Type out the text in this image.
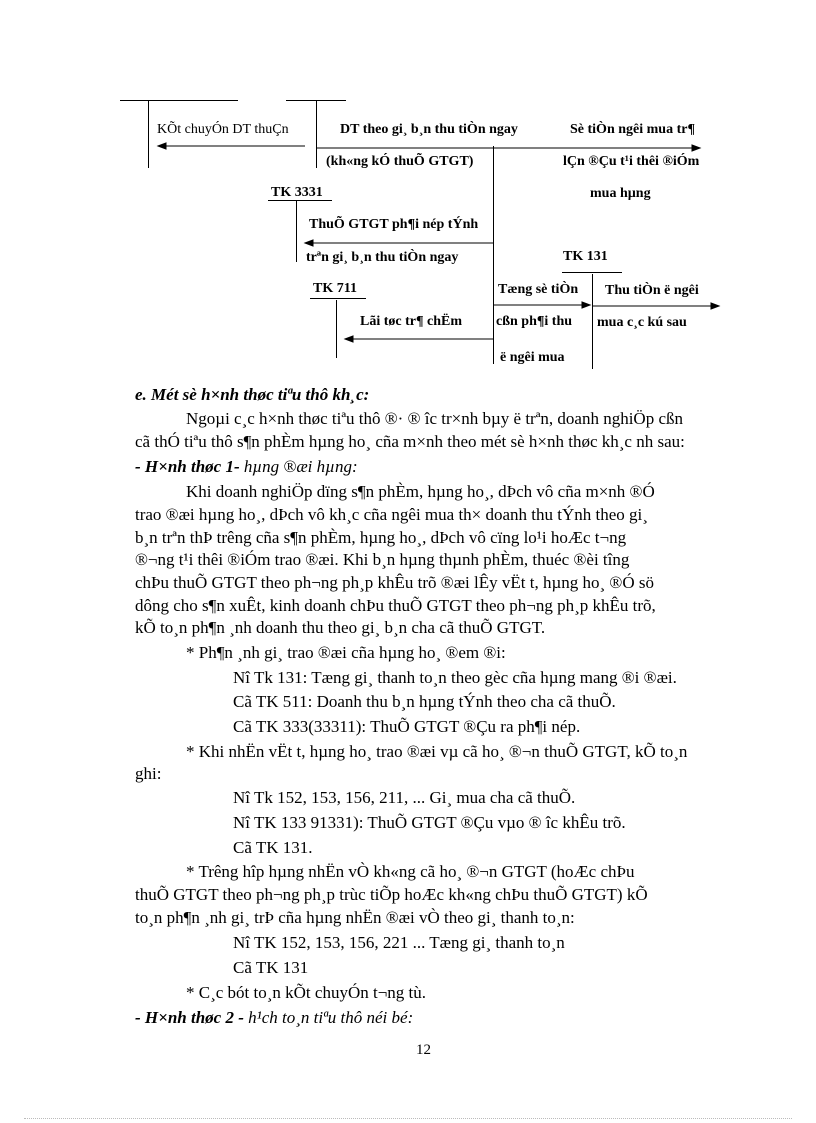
KÕt chuyÓn DT thuÇn	DT theo gi¸ b¸n thu tiÒn ngay	Sè tiÒn ngêi mua tr¶
(kh«ng kÓ thuÕ GTGT)	lÇn ®Çu t¹i thêi ®iÓm
TK 3331	mua hµng
ThuÕ GTGT ph¶i nép tÝnh
trªn gi¸ b¸n thu tiÒn ngay	TK 131
TK 711	Tæng sè tiÒn Thu tiÒn ë ngêi
Lãi tøc tr¶ chËm cßn ph¶i thu mua c¸c kú sau
ë ngêi mua
e. Mét sè h×nh thøc tiªu thô kh¸c:
Ngoµi c¸c h×nh thøc tiªu thô ®· ® îc tr×nh bµy ë trªn, doanh nghiÖp cßn
cã thÓ tiªu thô s¶n phÈm hµng ho¸ cña m×nh theo mét sè h×nh thøc kh¸c nh sau:
- H×nh thøc 1- hµng ®æi hµng:
Khi doanh nghiÖp dïng s¶n phÈm, hµng ho¸, dÞch vô cña m×nh ®Ó
trao ®æi hµng ho¸, dÞch vô kh¸c cña ngêi mua th× doanh thu tÝnh theo gi¸
b¸n trªn thÞ trêng cña s¶n phÈm, hµng ho¸, dÞch vô cïng lo¹i hoÆc t¬ng
®¬ng t¹i thêi ®iÓm trao ®æi. Khi b¸n hµng thµnh phÈm, thuéc ®èi tîng
chÞu thuÕ GTGT theo ph¬ng ph¸p khÊu trõ ®æi lÊy vËt t, hµng ho¸ ®Ó sö
dông cho s¶n xuÊt, kinh doanh chÞu thuÕ GTGT theo ph¬ng ph¸p khÊu trõ,
kÕ to¸n ph¶n ¸nh doanh thu theo gi¸ b¸n cha cã thuÕ GTGT.
* Ph¶n ¸nh gi¸ trao ®æi cña hµng ho¸ ®em ®i:
Nî Tk 131: Tæng gi¸ thanh to¸n theo gèc cña hµng mang ®i ®æi.
Cã TK 511: Doanh thu b¸n hµng tÝnh theo cha cã thuÕ.
Cã TK 333(33311): ThuÕ GTGT ®Çu ra ph¶i nép.
* Khi nhËn vËt t, hµng ho¸ trao ®æi vµ cã ho¸ ®¬n thuÕ GTGT, kÕ to¸n
ghi:
Nî Tk 152, 153, 156, 211, ... Gi¸ mua cha cã thuÕ.
Nî TK 133 91331): ThuÕ GTGT ®Çu vµo ® îc khÊu trõ.
Cã TK 131.
* Trêng hîp hµng nhËn vÒ kh«ng cã ho¸ ®¬n GTGT (hoÆc chÞu
thuÕ GTGT theo ph¬ng ph¸p trùc tiÕp hoÆc kh«ng chÞu thuÕ GTGT) kÕ
to¸n ph¶n ¸nh gi¸ trÞ cña hµng nhËn ®æi vÒ theo gi¸ thanh to¸n:
Nî TK 152, 153, 156, 221 ... Tæng gi¸ thanh to¸n
Cã TK 131
* C¸c bót to¸n kÕt chuyÓn t¬ng tù.
- H×nh thøc 2 - h¹ch to¸n tiªu thô néi bé:
12
